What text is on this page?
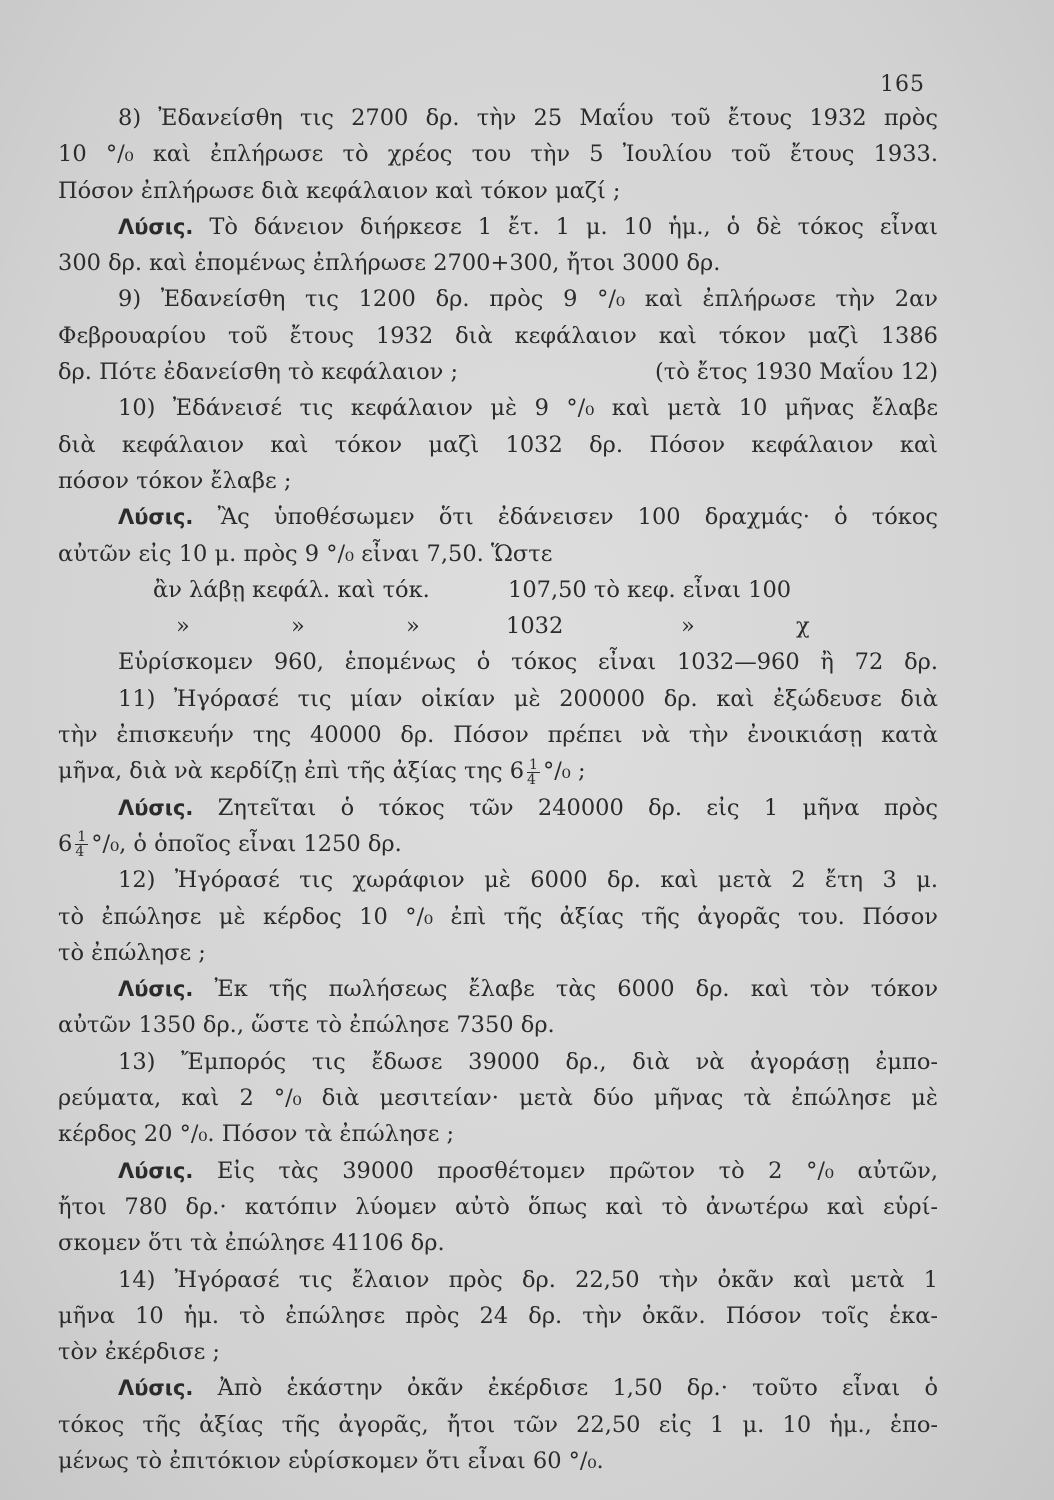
165

8) Ἐδανείσθη τις 2700 δρ. τὴν 25 Μαΐου τοῦ ἔτους 1932 πρὸς

10 °/₀ καὶ ἐπλήρωσε τὸ χρέος του τὴν 5 Ἰουλίου τοῦ ἔτους 1933.

Πόσον ἐπλήρωσε διὰ κεφάλαιον καὶ τόκον μαζί ;

Λύσις. Τὸ δάνειον διήρκεσε 1 ἔτ. 1 μ. 10 ἡμ., ὁ δὲ τόκος εἶναι

300 δρ. καὶ ἑπομένως ἐπλήρωσε 2700+300, ἤτοι 3000 δρ.

9) Ἐδανείσθη τις 1200 δρ. πρὸς 9 °/₀ καὶ ἐπλήρωσε τὴν 2αν

Φεβρουαρίου τοῦ ἔτους 1932 διὰ κεφάλαιον καὶ τόκον μαζὶ 1386

δρ. Πότε ἐδανείσθη τὸ κεφάλαιον ;	(τὸ ἔτος 1930 Μαΐου 12)

10) Ἐδάνεισέ τις κεφάλαιον μὲ 9 °/₀ καὶ μετὰ 10 μῆνας ἔλαβε

διὰ κεφάλαιον καὶ τόκον μαζὶ 1032 δρ. Πόσον κεφάλαιον καὶ

πόσον τόκον ἔλαβε ;

Λύσις. Ἂς ὑποθέσωμεν ὅτι ἐδάνεισεν 100 δραχμάς· ὁ τόκος

αὐτῶν εἰς 10 μ. πρὸς 9 °/₀ εἶναι 7,50. Ὥστε

ἂν λάβῃ κεφάλ. καὶ τόκ.	107,50 τὸ κεφ. εἶναι 100

»	»	»	1032	»	χ

Εὑρίσκομεν 960, ἑπομένως ὁ τόκος εἶναι 1032—960 ἢ 72 δρ.

11) Ἠγόρασέ τις μίαν οἰκίαν μὲ 200000 δρ. καὶ ἐξώδευσε διὰ

τὴν ἐπισκευήν της 40000 δρ. Πόσον πρέπει νὰ τὴν ἐνοικιάσῃ κατὰ

μῆνα, διὰ νὰ κερδίζῃ ἐπὶ τῆς ἀξίας της $6 \frac{1}{4} ^\circ/_0$ ;

Λύσις. Ζητεῖται ὁ τόκος τῶν 240000 δρ. εἰς 1 μῆνα πρὸς

$6 \frac{1}{4} ^\circ/_0$, ὁ ὁποῖος εἶναι 1250 δρ.

12) Ἠγόρασέ τις χωράφιον μὲ 6000 δρ. καὶ μετὰ 2 ἔτη 3 μ.

τὸ ἐπώλησε μὲ κέρδος 10 °/₀ ἐπὶ τῆς ἀξίας τῆς ἀγορᾶς του. Πόσον

τὸ ἐπώλησε ;

Λύσις. Ἐκ τῆς πωλήσεως ἔλαβε τὰς 6000 δρ. καὶ τὸν τόκον

αὐτῶν 1350 δρ., ὥστε τὸ ἐπώλησε 7350 δρ.

13) Ἔμπορός τις ἔδωσε 39000 δρ., διὰ νὰ ἀγοράσῃ ἐμπο-

ρεύματα, καὶ 2 °/₀ διὰ μεσιτείαν· μετὰ δύο μῆνας τὰ ἐπώλησε μὲ

κέρδος 20 °/₀. Πόσον τὰ ἐπώλησε ;

Λύσις. Εἰς τὰς 39000 προσθέτομεν πρῶτον τὸ 2 °/₀ αὐτῶν,

ἤτοι 780 δρ.· κατόπιν λύομεν αὐτὸ ὅπως καὶ τὸ ἀνωτέρω καὶ εὑρί-

σκομεν ὅτι τὰ ἐπώλησε 41106 δρ.

14) Ἠγόρασέ τις ἔλαιον πρὸς δρ. 22,50 τὴν ὀκᾶν καὶ μετὰ 1

μῆνα 10 ἡμ. τὸ ἐπώλησε πρὸς 24 δρ. τὴν ὀκᾶν. Πόσον τοῖς ἑκα-

τὸν ἐκέρδισε ;

Λύσις. Ἀπὸ ἑκάστην ὀκᾶν ἐκέρδισε 1,50 δρ.· τοῦτο εἶναι ὁ

τόκος τῆς ἀξίας τῆς ἀγορᾶς, ἤτοι τῶν 22,50 εἰς 1 μ. 10 ἡμ., ἑπο-

μένως τὸ ἐπιτόκιον εὑρίσκομεν ὅτι εἶναι 60 °/₀.
